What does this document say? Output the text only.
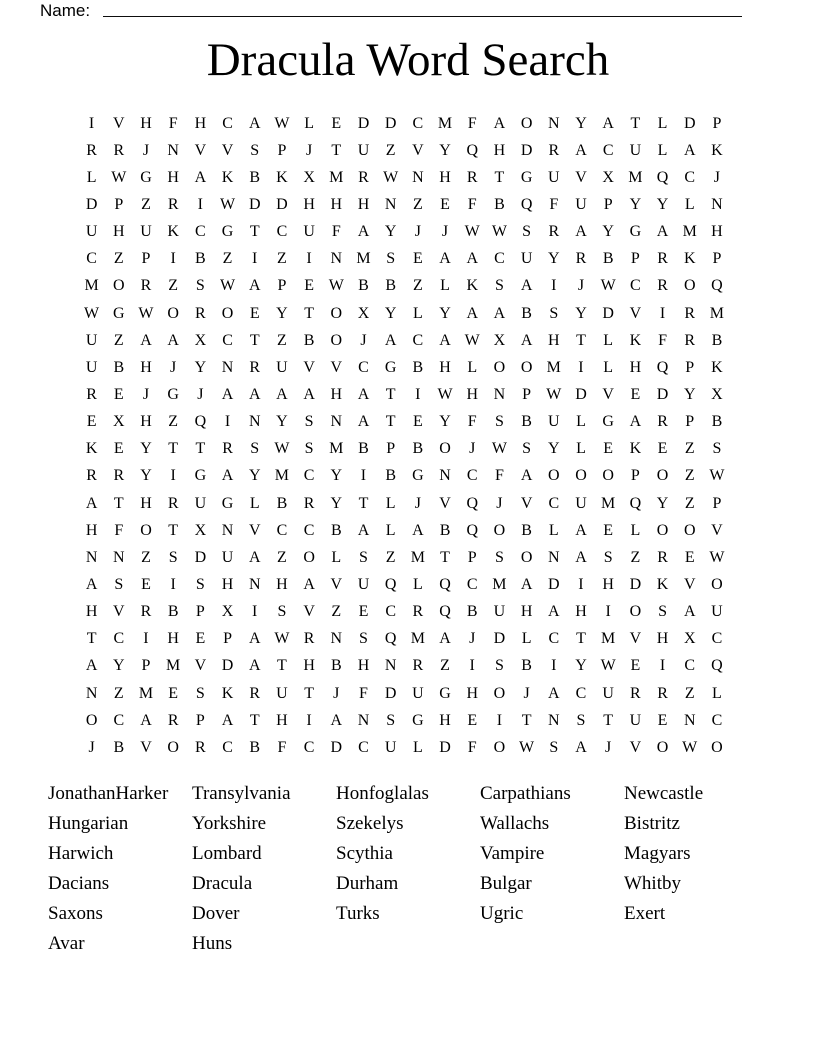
Name:
Dracula Word Search
I	V H	F	H	C	A W L	E	D D	C M F	A O N Y A	T	L	D	P
R	R	J	N V V	S	P	J	T	U	Z	V Y Q H D	R	A	C	U	L	A K
L W G H A K	B	K X M R W N H	R	T	G U V X M Q	C	J
D	P	Z	R	I	W D D H H H N	Z	E	F	B	Q	F	U	P	Y Y	L	N
U H U K	C	G	T	C	U	F	A Y	J	J	W W S	R	A Y G A M H
C	Z	P	I	B	Z	I	Z	I	N M S	E	A A	C	U Y	R	B	P	R	K	P
M O	R	Z	S W A	P	E W B	B	Z	L	K	S	A	I	J	W C	R	O Q
W G W O	R	O	E	Y	T	O X Y	L	Y A A	B	S	Y D V	I	R M
U	Z	A A X	C	T	Z	B	O	J	A	C	A W X A H	T	L	K	F	R	B
U	B	H	J	Y N	R	U V V	C	G	B	H	L	O O M	I	L	H Q	P	K
R	E	J	G	J	A A A A H A	T	I	W H N	P W D V	E	D Y X
E	X H	Z	Q	I	N Y	S	N A	T	E	Y	F	S	B	U	L	G A	R	P	B
K	E	Y	T	T	R	S W S M B	P	B	O	J	W S	Y	L	E	K	E	Z	S
R	R	Y	I	G A Y M C	Y	I	B	G N	C	F	A O O O	P	O	Z W
A	T	H	R	U G	L	B	R	Y	T	L	J	V Q	J	V	C	U M Q Y	Z	P
H	F	O	T	X N V	C	C	B	A	L	A	B	Q O	B	L	A	E	L	O O V
N N	Z	S	D U A	Z	O	L	S	Z M T	P	S	O N A	S	Z	R	E W
A	S	E	I	S	H N H A V U Q	L	Q	C M A D	I	H D K V O
H V	R	B	P	X	I	S	V	Z	E	C	R	Q	B	U H A H	I	O	S	A U
T	C	I	H	E	P	A W R	N	S	Q M A	J	D	L	C	T M V H X	C
A Y	P M V D A	T	H	B	H N	R	Z	I	S	B	I	Y W E	I	C	Q
N	Z M E	S	K	R	U	T	J	F	D U G H O	J	A	C	U	R	R	Z	L
O	C	A	R	P	A	T	H	I	A N	S	G H	E	I	T	N	S	T	U	E	N	C
J	B	V O	R	C	B	F	C	D	C	U	L	D	F	O W S	A	J	V O W O
JonathanHarker
Hungarian
Harwich
Dacians
Saxons
Avar
Transylvania
Yorkshire
Lombard
Dracula
Dover
Huns
Honfoglalas
Szekelys
Scythia
Durham
Turks
Carpathians
Wallachs
Vampire
Bulgar
Ugric
Newcastle
Bistritz
Magyars
Whitby
Exert
